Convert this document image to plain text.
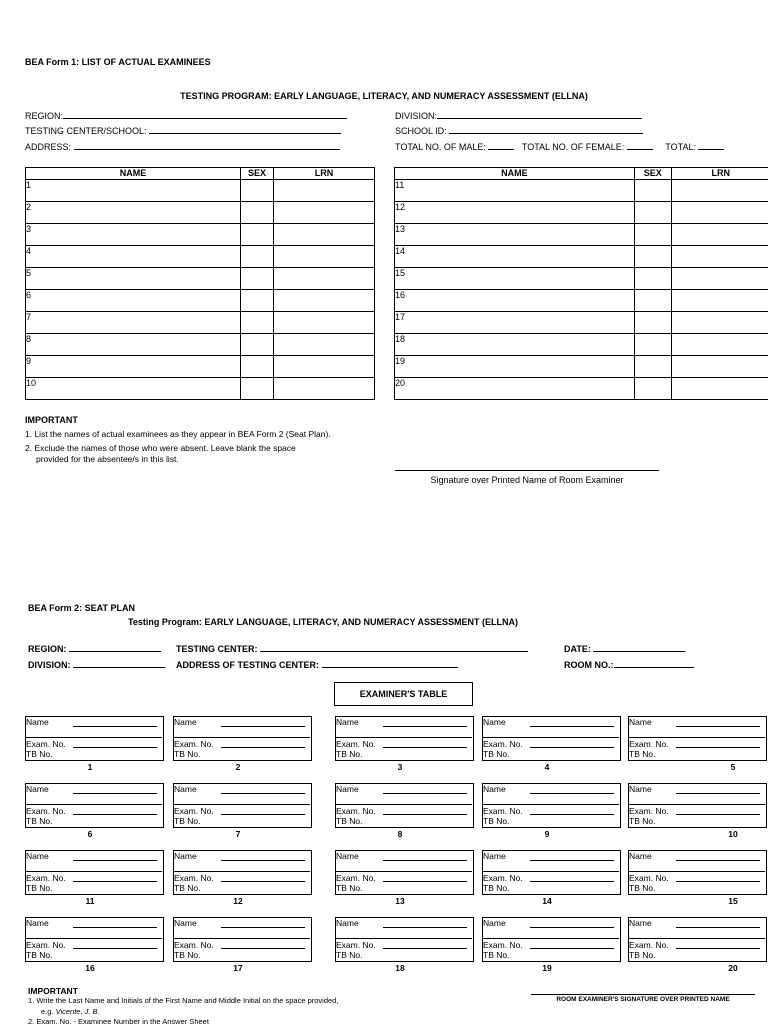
BEA Form 1: LIST OF ACTUAL EXAMINEES
TESTING PROGRAM: EARLY LANGUAGE, LITERACY, AND NUMERACY ASSESSMENT (ELLNA)
REGION:
TESTING CENTER/SCHOOL:
ADDRESS:
DIVISION:
SCHOOL ID:
TOTAL NO. OF MALE:	TOTAL NO. OF FEMALE:	TOTAL:
NAME	SEX	LRN
1		
2		
3		
4		
5		
6		
7		
8		
9		
10		
NAME	SEX	LRN
11		
12		
13		
14		
15		
16		
17		
18		
19		
20		
IMPORTANT
1. List the names of actual examinees as they appear in BEA Form 2 (Seat Plan).
2. Exclude the names of those who were absent. Leave blank the space
provided for the absentee/s in this list.
Signature over Printed Name of Room Examiner
BEA Form 2: SEAT PLAN
Testing Program: EARLY LANGUAGE, LITERACY, AND NUMERACY ASSESSMENT (ELLNA)
REGION:
DIVISION:
TESTING CENTER:
ADDRESS OF TESTING CENTER:
DATE:
ROOM NO.:
EXAMINER'S TABLE
Name
Exam. No.
TB No.
1
Name
Exam. No.
TB No.
2
Name
Exam. No.
TB No.
3
Name
Exam. No.
TB No.
4
Name
Exam. No.
TB No.
5
Name
Exam. No.
TB No.
6
Name
Exam. No.
TB No.
7
Name
Exam. No.
TB No.
8
Name
Exam. No.
TB No.
9
Name
Exam. No.
TB No.
10
Name
Exam. No.
TB No.
11
Name
Exam. No.
TB No.
12
Name
Exam. No.
TB No.
13
Name
Exam. No.
TB No.
14
Name
Exam. No.
TB No.
15
Name
Exam. No.
TB No.
16
Name
Exam. No.
TB No.
17
Name
Exam. No.
TB No.
18
Name
Exam. No.
TB No.
19
Name
Exam. No.
TB No.
20
IMPORTANT
1. Write the Last Name and Initials of the First Name and Middle Initial on the space provided,
e.g. Vicente, J. B.
2. Exam. No. - Examinee Number in the Answer Sheet
ROOM EXAMINER'S SIGNATURE OVER PRINTED NAME
